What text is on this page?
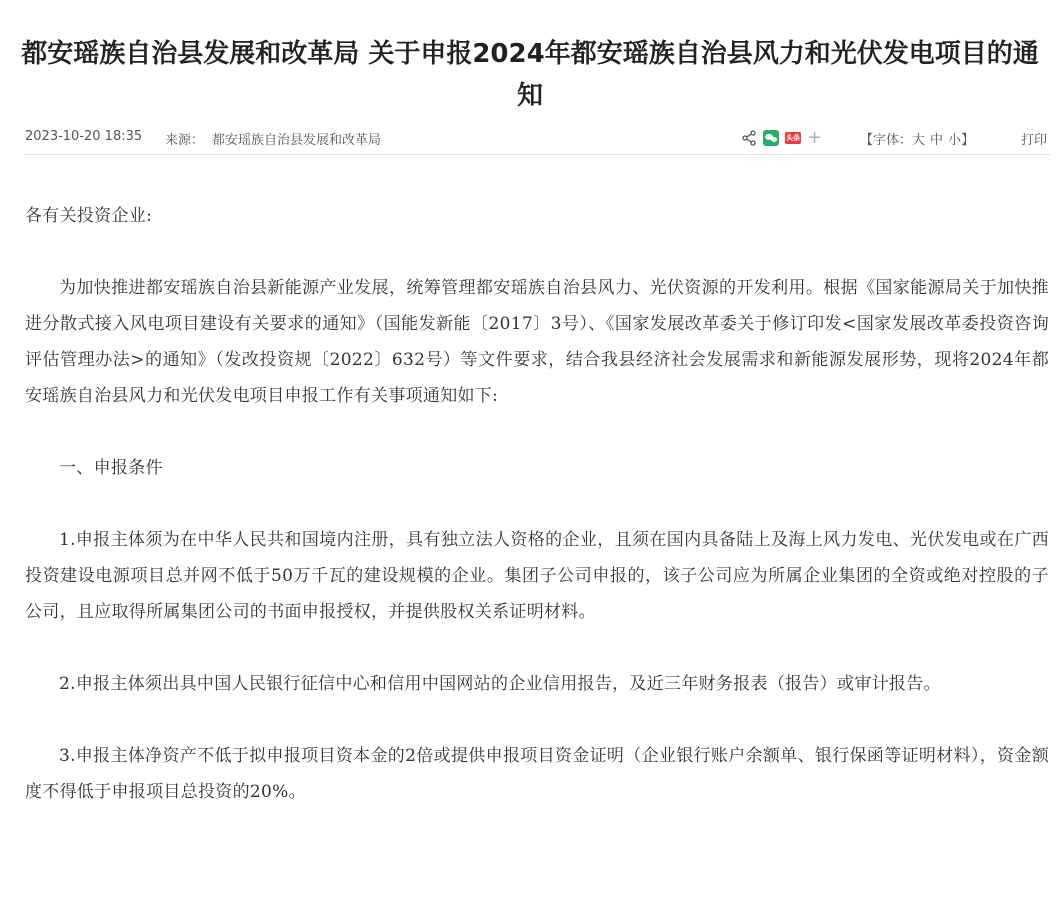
都安瑶族自治县发展和改革局 关于申报2024年都安瑶族自治县风力和光伏发电项目的通知
2023-10-20 18:35 来源： 都安瑶族自治县发展和改革局	头条 +	【字体：大 中 小】	打印

各有关投资企业:

为加快推进都安瑶族自治县新能源产业发展，统筹管理都安瑶族自治县风力、光伏资源的开发利用。根据《国家能源局关于加快推进分散式接入风电项目建设有关要求的通知》（国能发新能〔2017〕3号）、《国家发展改革委关于修订印发<国家发展改革委投资咨询评估管理办法>的通知》（发改投资规〔2022〕632号）等文件要求，结合我县经济社会发展需求和新能源发展形势，现将2024年都安瑶族自治县风力和光伏发电项目申报工作有关事项通知如下:

一、申报条件

1.申报主体须为在中华人民共和国境内注册，具有独立法人资格的企业，且须在国内具备陆上及海上风力发电、光伏发电或在广西投资建设电源项目总并网不低于50万千瓦的建设规模的企业。集团子公司申报的，该子公司应为所属企业集团的全资或绝对控股的子公司，且应取得所属集团公司的书面申报授权，并提供股权关系证明材料。

2.申报主体须出具中国人民银行征信中心和信用中国网站的企业信用报告，及近三年财务报表（报告）或审计报告。

3.申报主体净资产不低于拟申报项目资本金的2倍或提供申报项目资金证明（企业银行账户余额单、银行保函等证明材料），资金额度不得低于申报项目总投资的20%。
